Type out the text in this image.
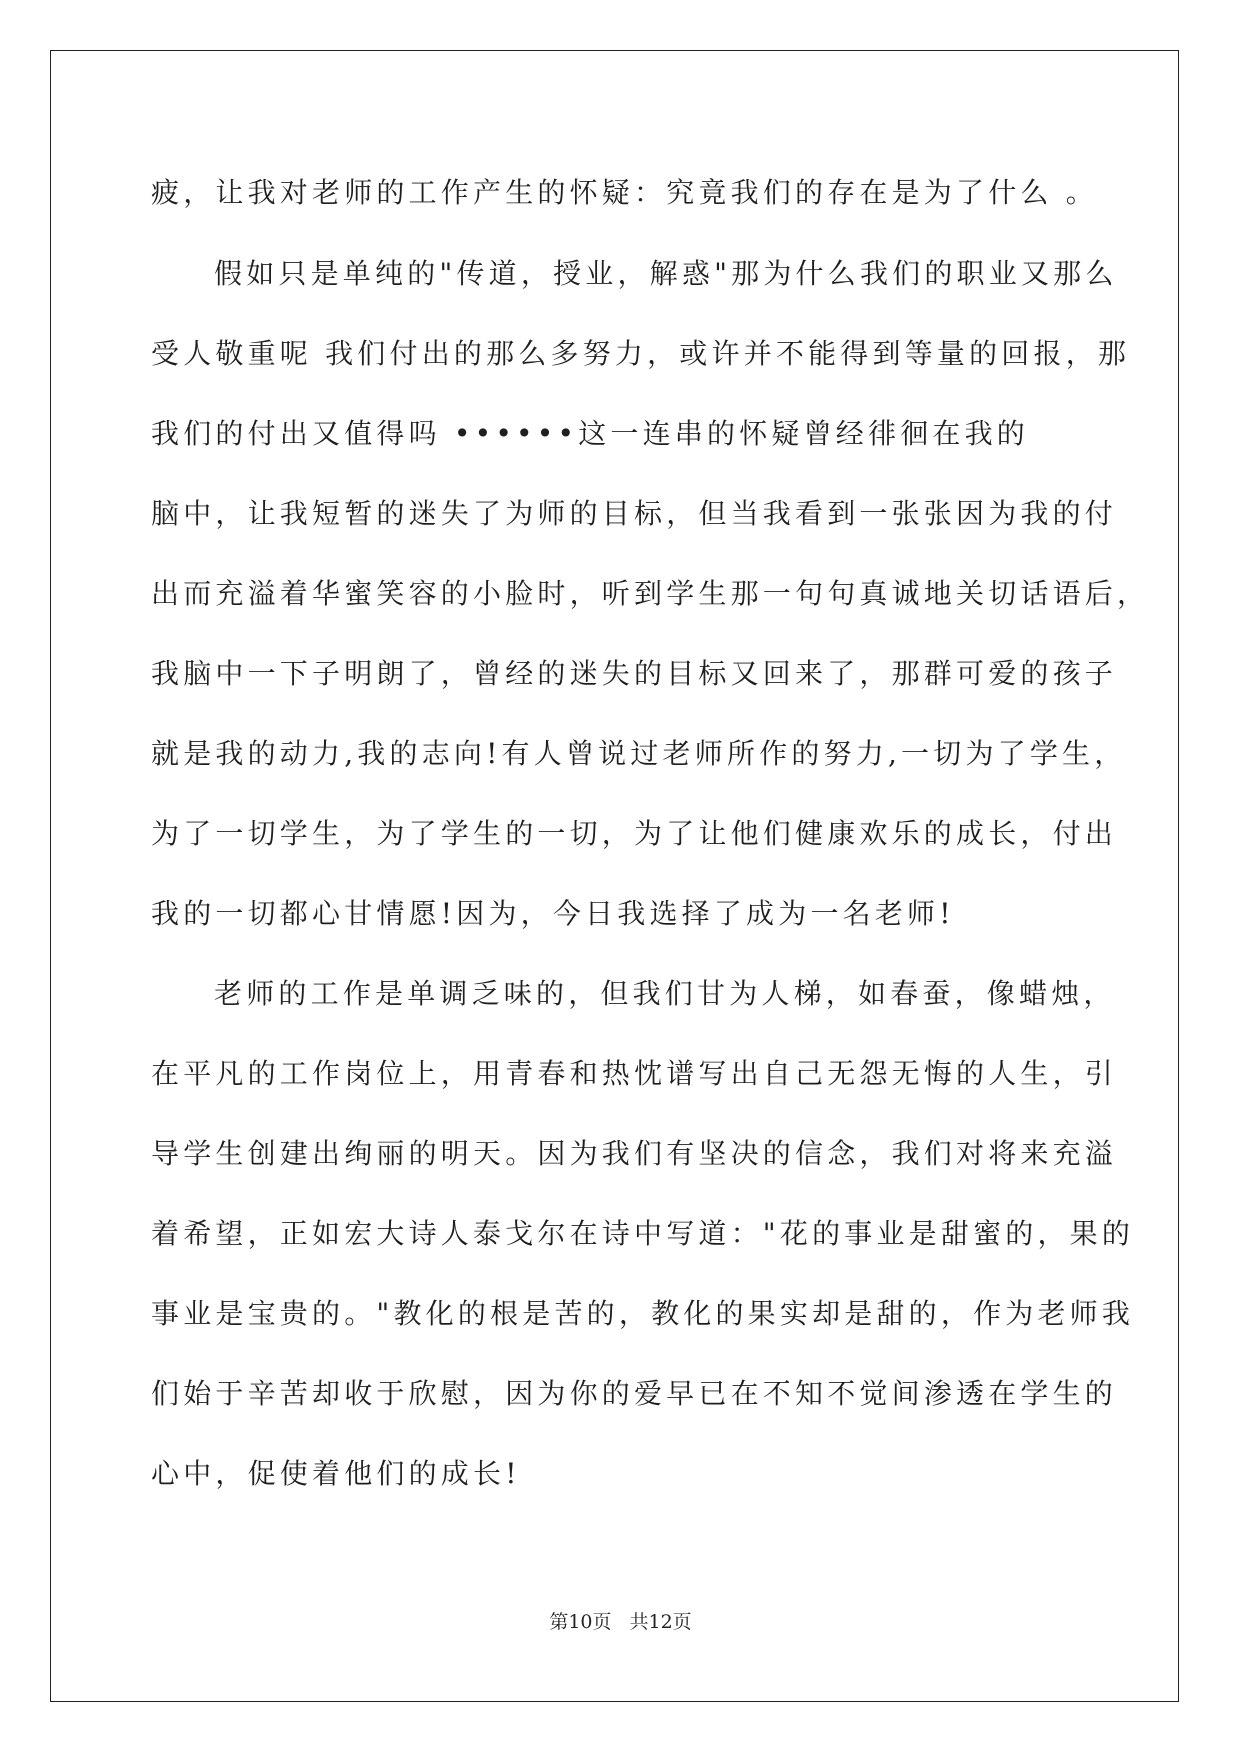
疲，让我对老师的工作产生的怀疑：究竟我们的存在是为了什么 。
假如只是单纯的"传道，授业，解惑"那为什么我们的职业又那么
受人敬重呢 我们付出的那么多努力，或许并不能得到等量的回报，那
我们的付出又值得吗 ••••••这一连串的怀疑曾经徘徊在我的
脑中，让我短暂的迷失了为师的目标，但当我看到一张张因为我的付
出而充溢着华蜜笑容的小脸时，听到学生那一句句真诚地关切话语后，
我脑中一下子明朗了，曾经的迷失的目标又回来了，那群可爱的孩子
就是我的动力,我的志向!有人曾说过老师所作的努力,一切为了学生，
为了一切学生，为了学生的一切，为了让他们健康欢乐的成长，付出
我的一切都心甘情愿!因为，今日我选择了成为一名老师!
老师的工作是单调乏味的，但我们甘为人梯，如春蚕，像蜡烛，
在平凡的工作岗位上，用青春和热忱谱写出自己无怨无悔的人生，引
导学生创建出绚丽的明天。因为我们有坚决的信念，我们对将来充溢
着希望，正如宏大诗人泰戈尔在诗中写道："花的事业是甜蜜的，果的
事业是宝贵的。"教化的根是苦的，教化的果实却是甜的，作为老师我
们始于辛苦却收于欣慰，因为你的爱早已在不知不觉间渗透在学生的
心中，促使着他们的成长!
第10页 共12页
